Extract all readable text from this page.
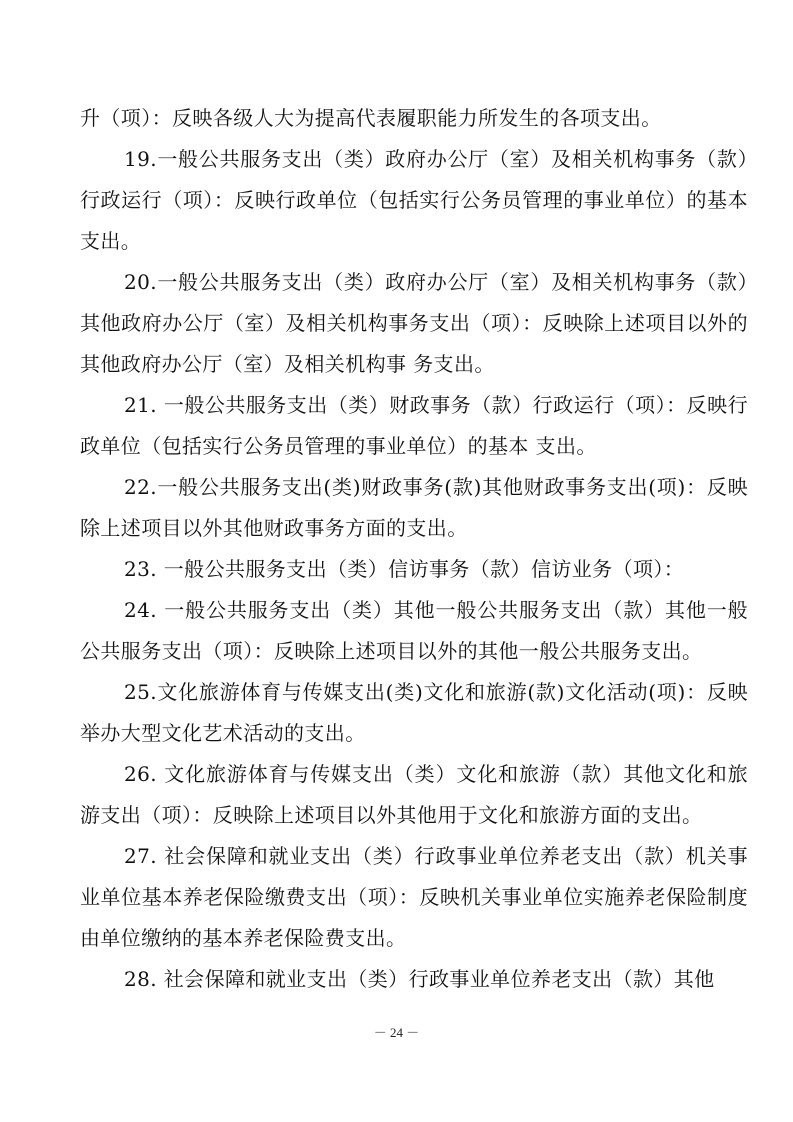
升（项）：反映各级人大为提高代表履职能力所发生的各项支出。

19.一般公共服务支出（类）政府办公厅（室）及相关机构事务（款）行政运行（项）：反映行政单位（包括实行公务员管理的事业单位）的基本 支出。

20.一般公共服务支出（类）政府办公厅（室）及相关机构事务（款）其他政府办公厅（室）及相关机构事务支出（项）：反映除上述项目以外的其他政府办公厅（室）及相关机构事 务支出。

21. 一般公共服务支出（类）财政事务（款）行政运行（项）：反映行政单位（包括实行公务员管理的事业单位）的基本 支出。

22.一般公共服务支出(类)财政事务(款)其他财政事务支出(项)：反映除上述项目以外其他财政事务方面的支出。

23. 一般公共服务支出（类）信访事务（款）信访业务（项）：

24. 一般公共服务支出（类）其他一般公共服务支出（款）其他一般公共服务支出（项）：反映除上述项目以外的其他一般公共服务支出。

25.文化旅游体育与传媒支出(类)文化和旅游(款)文化活动(项)：反映举办大型文化艺术活动的支出。

26. 文化旅游体育与传媒支出（类）文化和旅游（款）其他文化和旅游支出（项）：反映除上述项目以外其他用于文化和旅游方面的支出。

27. 社会保障和就业支出（类）行政事业单位养老支出（款）机关事业单位基本养老保险缴费支出（项）：反映机关事业单位实施养老保险制度由单位缴纳的基本养老保险费支出。

28. 社会保障和就业支出（类）行政事业单位养老支出（款）其他

－ 24 －
